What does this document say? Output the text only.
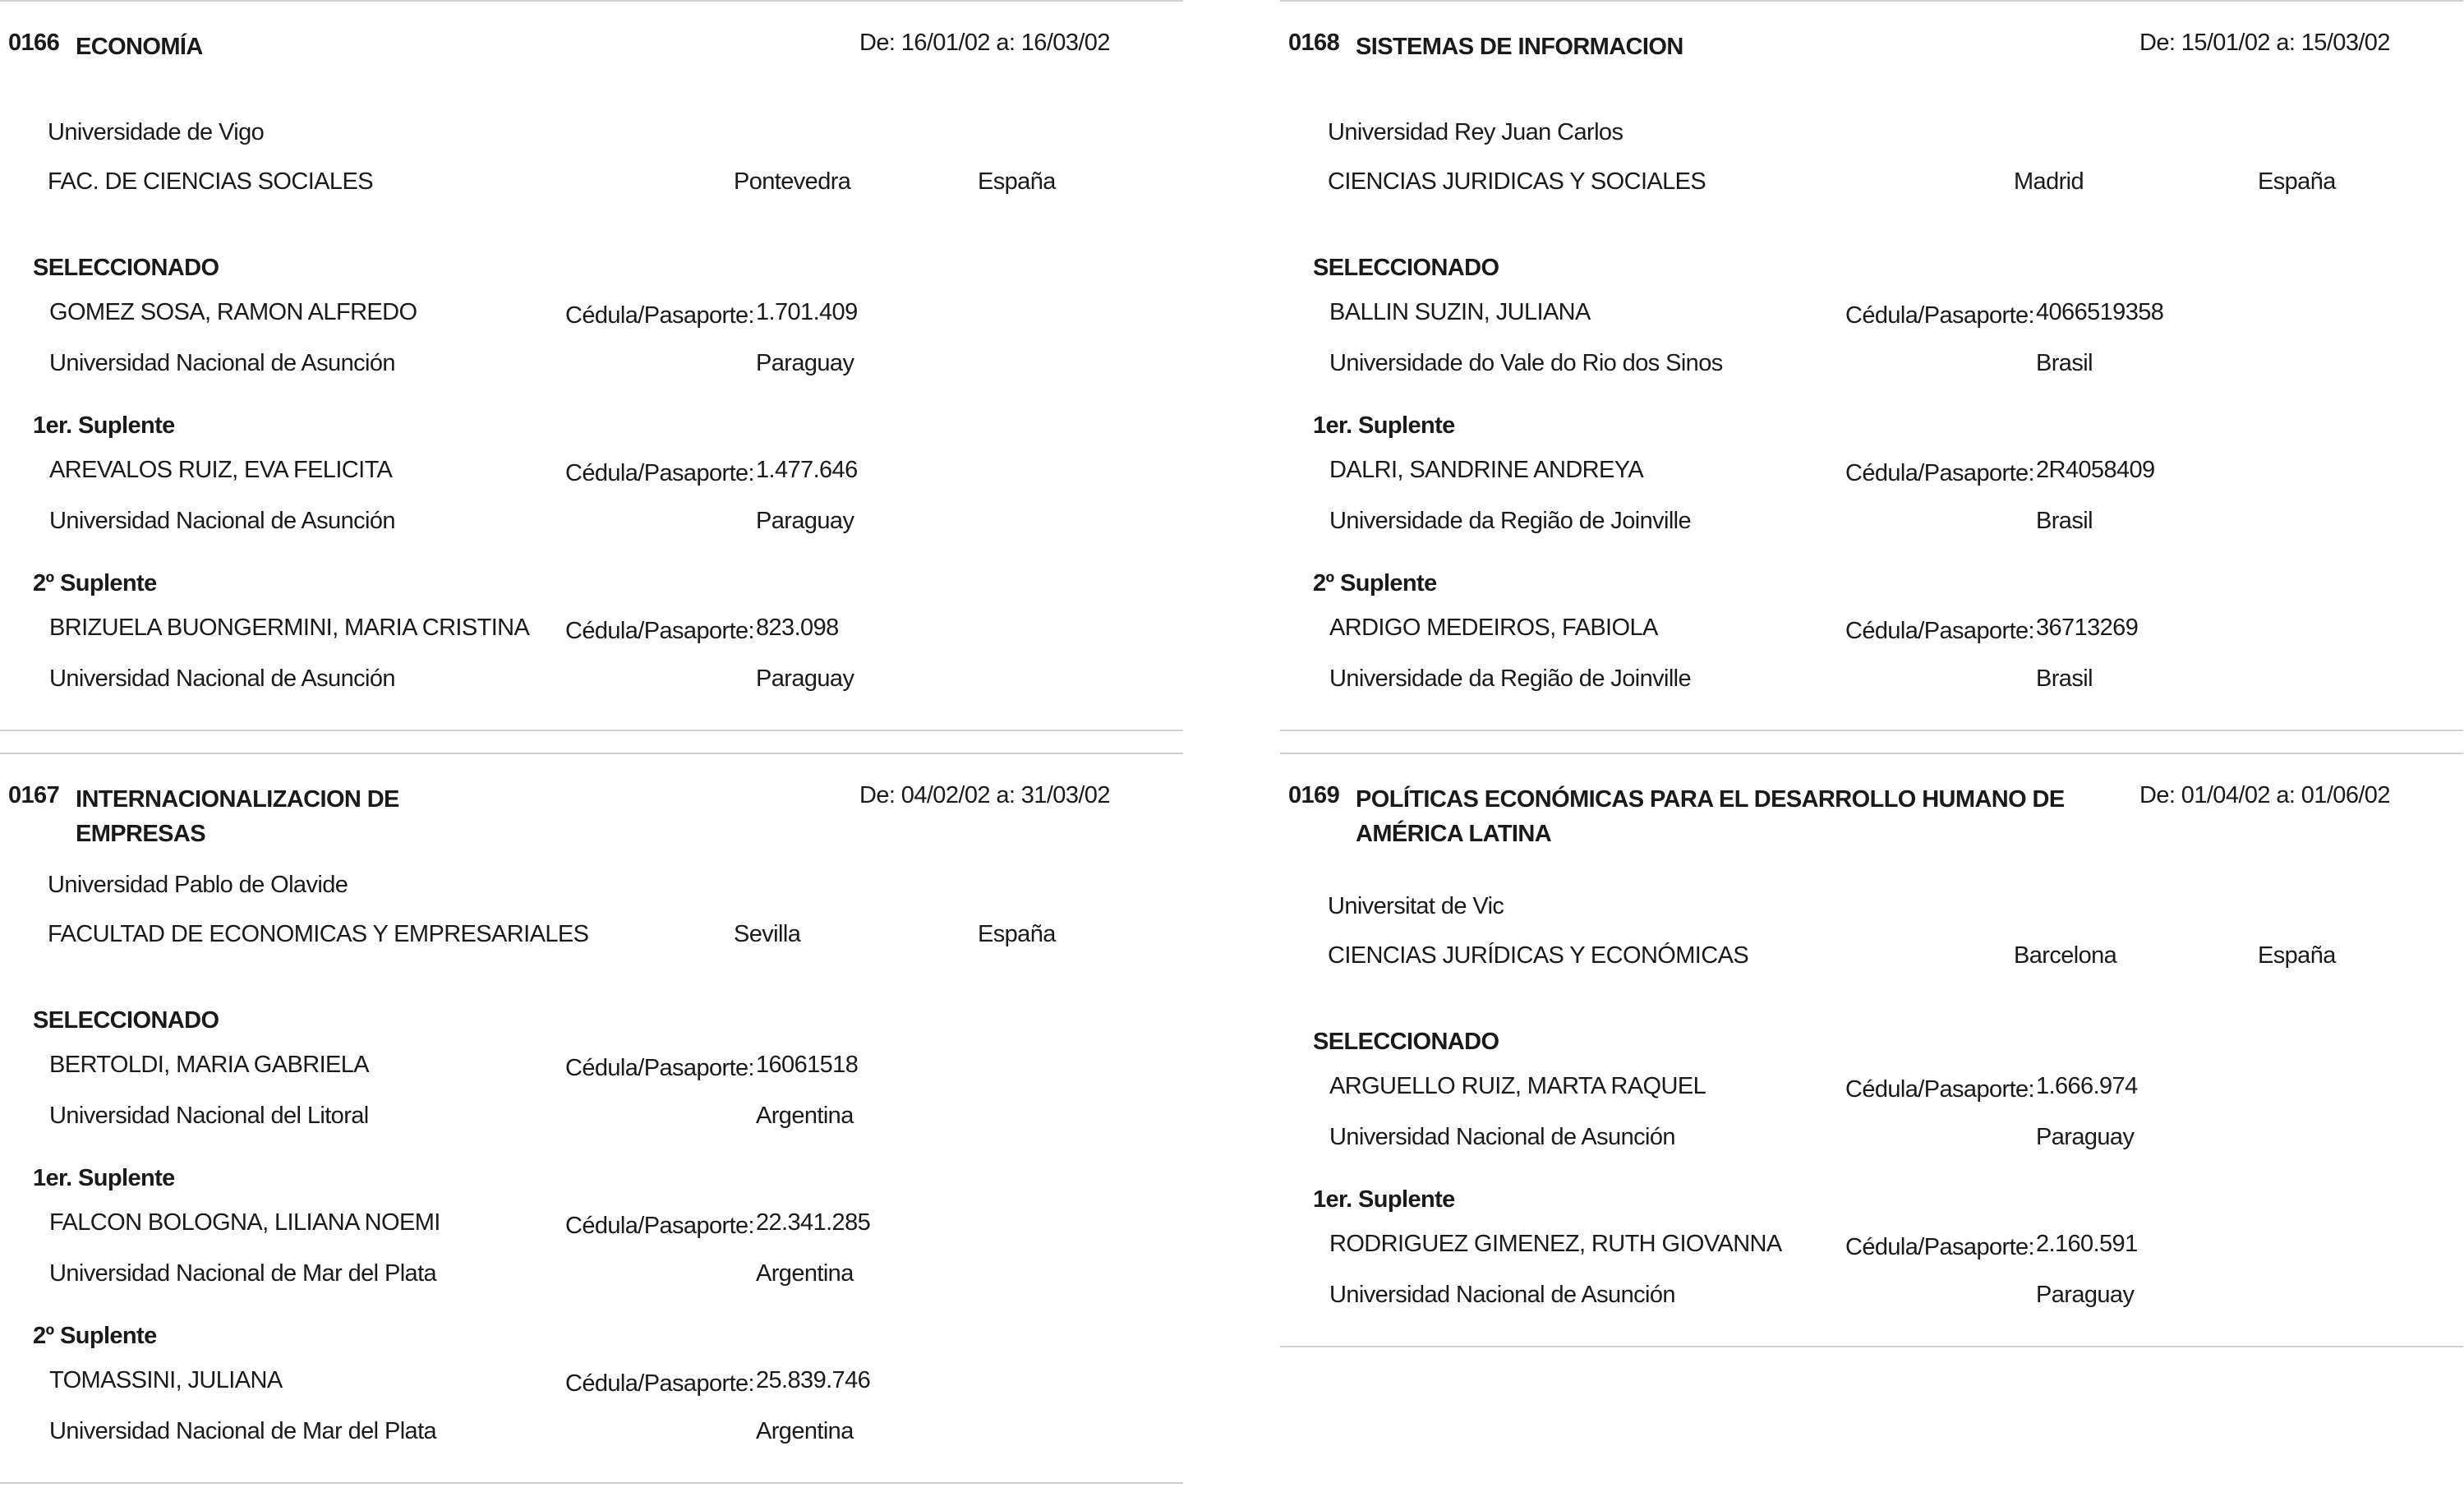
0166 ECONOMÍA	De: 16/01/02 a: 16/03/02
Universidade de Vigo
FAC. DE CIENCIAS SOCIALES	Pontevedra	España
SELECCIONADO
GOMEZ SOSA, RAMON ALFREDO	Cédula/Pasaporte: 1.701.409
Universidad Nacional de Asunción	Paraguay
1er. Suplente
AREVALOS RUIZ, EVA FELICITA	Cédula/Pasaporte: 1.477.646
Universidad Nacional de Asunción	Paraguay
2º Suplente
BRIZUELA BUONGERMINI, MARIA CRISTINA Cédula/Pasaporte: 823.098
Universidad Nacional de Asunción	Paraguay
0168 SISTEMAS DE INFORMACION	De: 15/01/02 a: 15/03/02
Universidad Rey Juan Carlos
CIENCIAS JURIDICAS Y SOCIALES	Madrid	España
SELECCIONADO
BALLIN SUZIN, JULIANA	Cédula/Pasaporte: 4066519358
Universidade do Vale do Rio dos Sinos	Brasil
1er. Suplente
DALRI, SANDRINE ANDREYA	Cédula/Pasaporte: 2R4058409
Universidade da Região de Joinville	Brasil
2º Suplente
ARDIGO MEDEIROS, FABIOLA	Cédula/Pasaporte: 36713269
Universidade da Região de Joinville	Brasil
0167 INTERNACIONALIZACION DE EMPRESAS
De: 04/02/02 a: 31/03/02
Universidad Pablo de Olavide
FACULTAD DE ECONOMICAS Y EMPRESARIALES	Sevilla	España
SELECCIONADO
BERTOLDI, MARIA GABRIELA	Cédula/Pasaporte: 16061518
Universidad Nacional del Litoral	Argentina
1er. Suplente
FALCON BOLOGNA, LILIANA NOEMI	Cédula/Pasaporte: 22.341.285
Universidad Nacional de Mar del Plata	Argentina
2º Suplente
TOMASSINI, JULIANA	Cédula/Pasaporte: 25.839.746
Universidad Nacional de Mar del Plata	Argentina
0169 POLÍTICAS ECONÓMICAS PARA EL DESARROLLO HUMANO DE AMÉRICA LATINA
De: 01/04/02 a: 01/06/02
Universitat de Vic
CIENCIAS JURÍDICAS Y ECONÓMICAS	Barcelona	España
SELECCIONADO
ARGUELLO RUIZ, MARTA RAQUEL	Cédula/Pasaporte: 1.666.974
Universidad Nacional de Asunción	Paraguay
1er. Suplente
RODRIGUEZ GIMENEZ, RUTH GIOVANNA	Cédula/Pasaporte: 2.160.591
Universidad Nacional de Asunción	Paraguay
